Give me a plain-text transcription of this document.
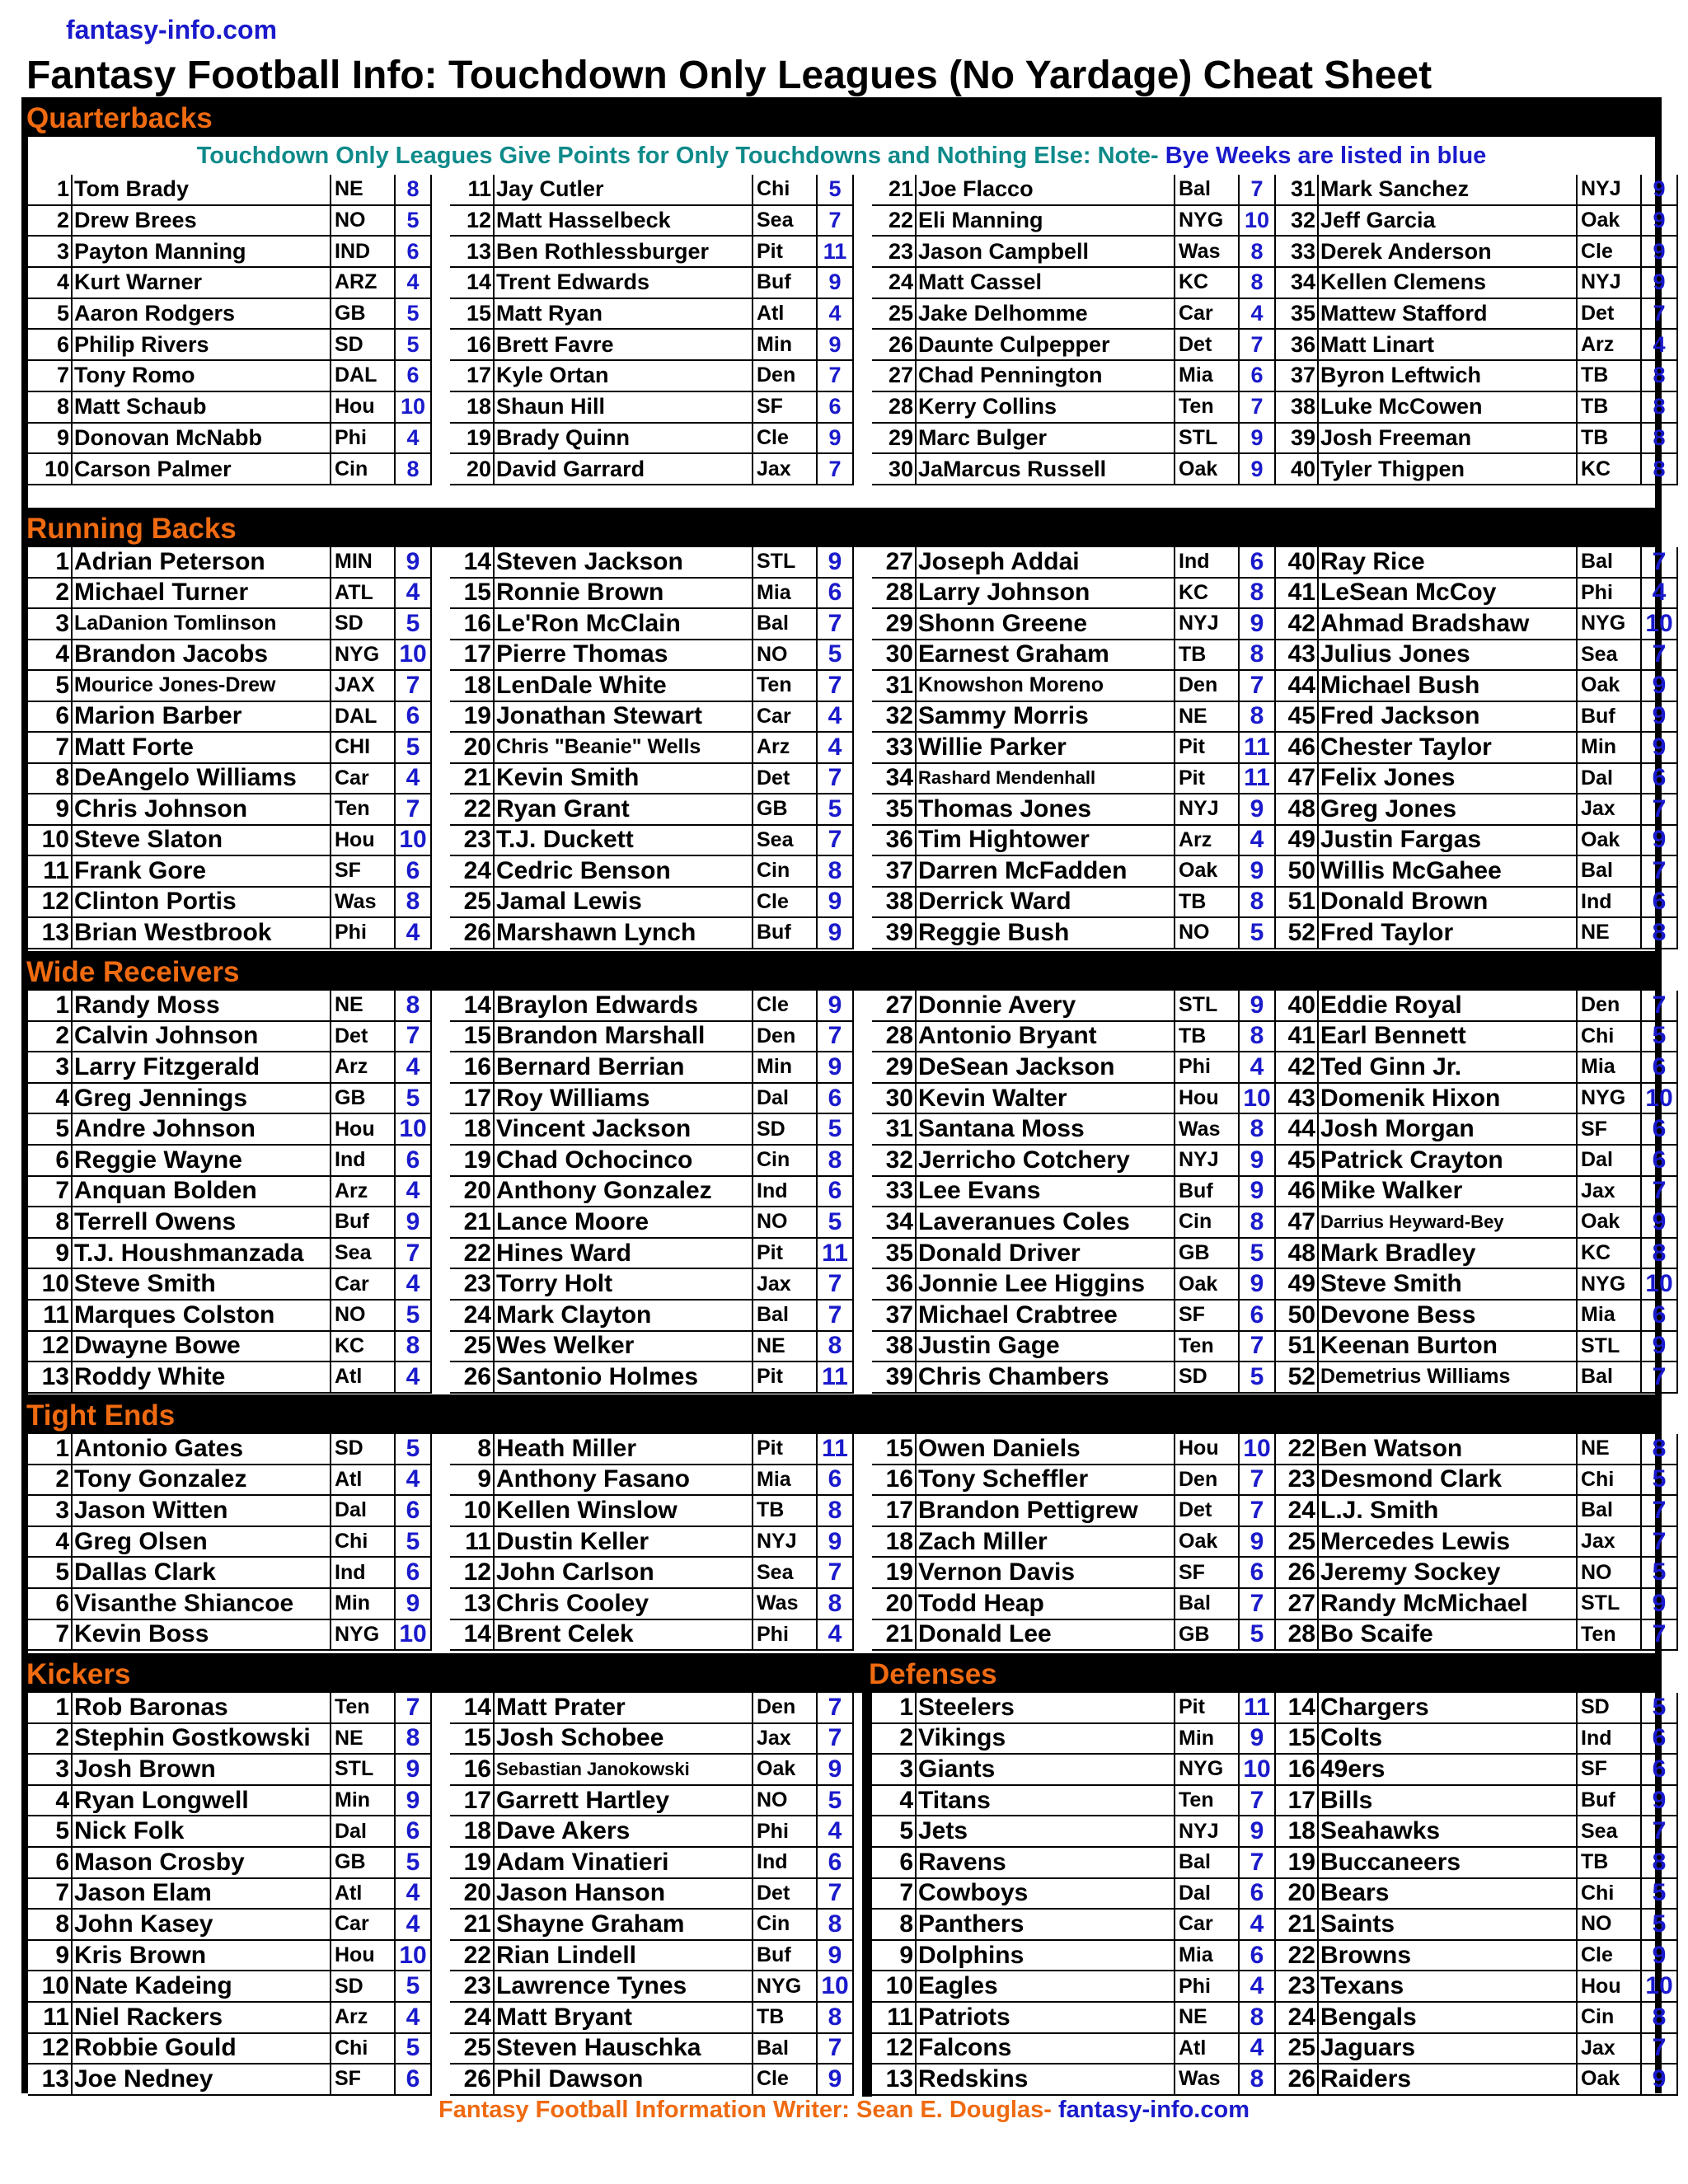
fantasy-info.com
Fantasy Football Info: Touchdown Only Leagues (No Yardage) Cheat Sheet
Quarterbacks
Touchdown Only Leagues Give Points for Only Touchdowns and Nothing Else: Note- Bye Weeks are listed in blue
1 Tom Brady	NE	8
2 Drew Brees	NO	5
3 Payton Manning	IND	6
4 Kurt Warner	ARZ	4
5 Aaron Rodgers	GB	5
6 Philip Rivers	SD	5
7 Tony Romo	DAL	6
8 Matt Schaub	Hou	10
9 Donovan McNabb	Phi	4
10 Carson Palmer	Cin	8
11 Jay Cutler	Chi	5
12 Matt Hasselbeck	Sea	7
13 Ben Rothlessburger	Pit	11
14 Trent Edwards	Buf	9
15 Matt Ryan	Atl	4
16 Brett Favre	Min	9
17 Kyle Ortan	Den	7
18 Shaun Hill	SF	6
19 Brady Quinn	Cle	9
20 David Garrard	Jax	7
21 Joe Flacco	Bal	7
22 Eli Manning	NYG 10
23 Jason Campbell	Was	8
24 Matt Cassel	KC	8
25 Jake Delhomme	Car	4
26 Daunte Culpepper	Det	7
27 Chad Pennington	Mia	6
28 Kerry Collins	Ten	7
29 Marc Bulger	STL	9
30 JaMarcus Russell	Oak	9
31 Mark Sanchez	NYJ	9
32 Jeff Garcia	Oak	9
33 Derek Anderson	Cle	9
34 Kellen Clemens	NYJ	9
35 Mattew Stafford	Det	7
36 Matt Linart	Arz	4
37 Byron Leftwich	TB	8
38 Luke McCowen	TB	8
39 Josh Freeman	TB	8
40 Tyler Thigpen	KC	8
Running Backs
1 Adrian Peterson	MIN	9
2 Michael Turner	ATL	4
3 LaDanion Tomlinson	SD	5
4 Brandon Jacobs	NYG 10
5 Mourice Jones-Drew	JAX	7
6 Marion Barber	DAL	6
7 Matt Forte	CHI	5
8 DeAngelo Williams	Car	4
9 Chris Johnson	Ten	7
10 Steve Slaton	Hou 10
11 Frank Gore	SF	6
12 Clinton Portis	Was	8
13 Brian Westbrook	Phi	4
14 Steven Jackson	STL	9
15 Ronnie Brown	Mia	6
16 Le'Ron McClain	Bal	7
17 Pierre Thomas	NO	5
18 LenDale White	Ten	7
19 Jonathan Stewart	Car	4
20 Chris "Beanie" Wells	Arz	4
21 Kevin Smith	Det	7
22 Ryan Grant	GB	5
23 T.J. Duckett	Sea	7
24 Cedric Benson	Cin	8
25 Jamal Lewis	Cle	9
26 Marshawn Lynch	Buf	9
27 Joseph Addai	Ind	6
28 Larry Johnson	KC	8
29 Shonn Greene	NYJ	9
30 Earnest Graham	TB	8
31 Knowshon Moreno	Den	7
32 Sammy Morris	NE	8
33 Willie Parker	Pit	11
34 Rashard Mendenhall	Pit	11
35 Thomas Jones	NYJ	9
36 Tim Hightower	Arz	4
37 Darren McFadden	Oak	9
38 Derrick Ward	TB	8
39 Reggie Bush	NO	5
40 Ray Rice	Bal	7
41 LeSean McCoy	Phi	4
42 Ahmad Bradshaw	NYG 10
43 Julius Jones	Sea	7
44 Michael Bush	Oak	9
45 Fred Jackson	Buf	9
46 Chester Taylor	Min	9
47 Felix Jones	Dal	6
48 Greg Jones	Jax	7
49 Justin Fargas	Oak	9
50 Willis McGahee	Bal	7
51 Donald Brown	Ind	6
52 Fred Taylor	NE	8
Wide Receivers
1 Randy Moss	NE	8
2 Calvin Johnson	Det	7
3 Larry Fitzgerald	Arz	4
4 Greg Jennings	GB	5
5 Andre Johnson	Hou 10
6 Reggie Wayne	Ind	6
7 Anquan Bolden	Arz	4
8 Terrell Owens	Buf	9
9 T.J. Houshmanzada	Sea	7
10 Steve Smith	Car	4
11 Marques Colston	NO	5
12 Dwayne Bowe	KC	8
13 Roddy White	Atl	4
14 Braylon Edwards	Cle	9
15 Brandon Marshall	Den	7
16 Bernard Berrian	Min	9
17 Roy Williams	Dal	6
18 Vincent Jackson	SD	5
19 Chad Ochocinco	Cin	8
20 Anthony Gonzalez	Ind	6
21 Lance Moore	NO	5
22 Hines Ward	Pit	11
23 Torry Holt	Jax	7
24 Mark Clayton	Bal	7
25 Wes Welker	NE	8
26 Santonio Holmes	Pit	11
27 Donnie Avery	STL	9
28 Antonio Bryant	TB	8
29 DeSean Jackson	Phi	4
30 Kevin Walter	Hou 10
31 Santana Moss	Was	8
32 Jerricho Cotchery	NYJ	9
33 Lee Evans	Buf	9
34 Laveranues Coles	Cin	8
35 Donald Driver	GB	5
36 Jonnie Lee Higgins	Oak	9
37 Michael Crabtree	SF	6
38 Justin Gage	Ten	7
39 Chris Chambers	SD	5
40 Eddie Royal	Den	7
41 Earl Bennett	Chi	5
42 Ted Ginn Jr.	Mia	6
43 Domenik Hixon	NYG 10
44 Josh Morgan	SF	6
45 Patrick Crayton	Dal	6
46 Mike Walker	Jax	7
47 Darrius Heyward-Bey	Oak	9
48 Mark Bradley	KC	8
49 Steve Smith	NYG 10
50 Devone Bess	Mia	6
51 Keenan Burton	STL	9
52 Demetrius Williams	Bal	7
Tight Ends
1 Antonio Gates	SD	5
2 Tony Gonzalez	Atl	4
3 Jason Witten	Dal	6
4 Greg Olsen	Chi	5
5 Dallas Clark	Ind	6
6 Visanthe Shiancoe	Min	9
7 Kevin Boss	NYG 10
8 Heath Miller	Pit	11
9 Anthony Fasano	Mia	6
10 Kellen Winslow	TB	8
11 Dustin Keller	NYJ	9
12 John Carlson	Sea	7
13 Chris Cooley	Was	8
14 Brent Celek	Phi	4
15 Owen Daniels	Hou 10
16 Tony Scheffler	Den	7
17 Brandon Pettigrew	Det	7
18 Zach Miller	Oak	9
19 Vernon Davis	SF	6
20 Todd Heap	Bal	7
21 Donald Lee	GB	5
22 Ben Watson	NE	8
23 Desmond Clark	Chi	5
24 L.J. Smith	Bal	7
25 Mercedes Lewis	Jax	7
26 Jeremy Sockey	NO	5
27 Randy McMichael	STL	9
28 Bo Scaife	Ten	7
Kickers	Defenses
1 Rob Baronas	Ten	7
2 Stephin Gostkowski	NE	8
3 Josh Brown	STL	9
4 Ryan Longwell	Min	9
5 Nick Folk	Dal	6
6 Mason Crosby	GB	5
7 Jason Elam	Atl	4
8 John Kasey	Car	4
9 Kris Brown	Hou 10
10 Nate Kadeing	SD	5
11 Niel Rackers	Arz	4
12 Robbie Gould	Chi	5
13 Joe Nedney	SF	6
14 Matt Prater	Den	7
15 Josh Schobee	Jax	7
16 Sebastian Janokowski	Oak	9
17 Garrett Hartley	NO	5
18 Dave Akers	Phi	4
19 Adam Vinatieri	Ind	6
20 Jason Hanson	Det	7
21 Shayne Graham	Cin	8
22 Rian Lindell	Buf	9
23 Lawrence Tynes	NYG 10
24 Matt Bryant	TB	8
25 Steven Hauschka	Bal	7
26 Phil Dawson	Cle	9
1 Steelers	Pit	11
2 Vikings	Min	9
3 Giants	NYG 10
4 Titans	Ten	7
5 Jets	NYJ	9
6 Ravens	Bal	7
7 Cowboys	Dal	6
8 Panthers	Car	4
9 Dolphins	Mia	6
10 Eagles	Phi	4
11 Patriots	NE	8
12 Falcons	Atl	4
13 Redskins	Was	8
14 Chargers	SD	5
15 Colts	Ind	6
16 49ers	SF	6
17 Bills	Buf	9
18 Seahawks	Sea	7
19 Buccaneers	TB	8
20 Bears	Chi	5
21 Saints	NO	5
22 Browns	Cle	9
23 Texans	Hou 10
24 Bengals	Cin	8
25 Jaguars	Jax	7
26 Raiders	Oak	9
Fantasy Football Information Writer: Sean E. Douglas- fantasy-info.com
